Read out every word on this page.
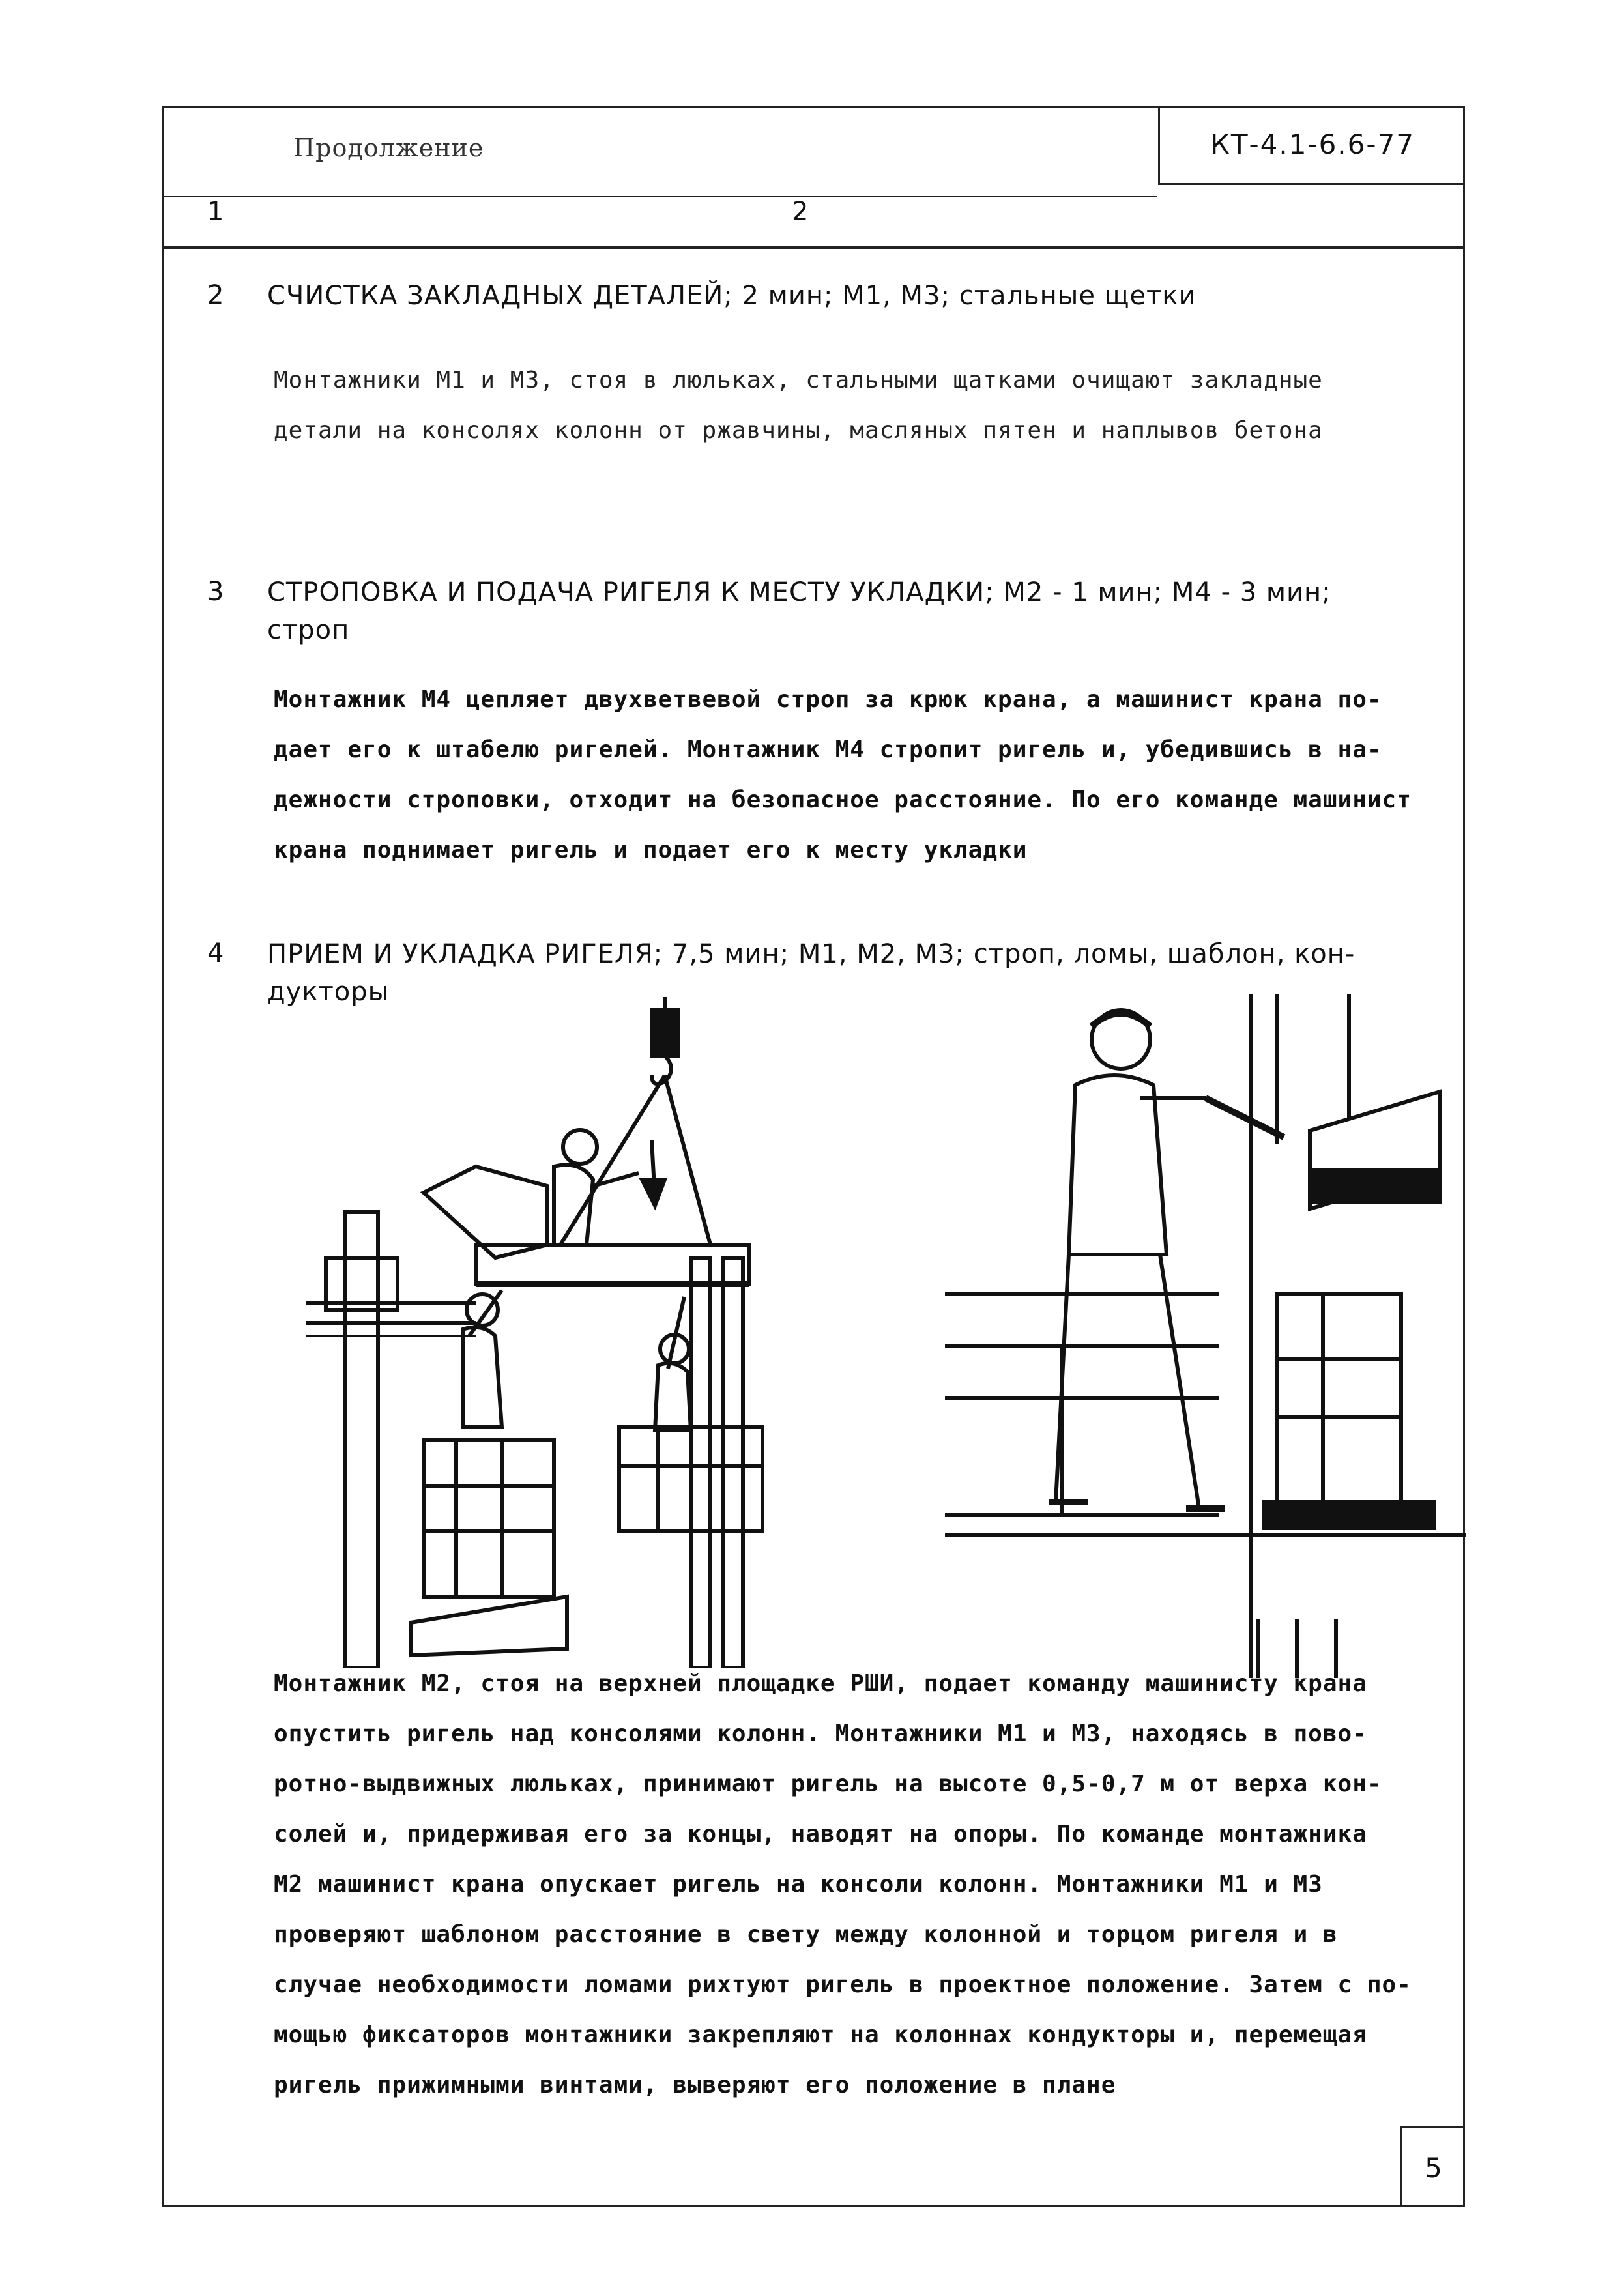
Продолжение	КТ-4.1-6.6-77
1	2
2 СЧИСТКА ЗАКЛАДНЫХ ДЕТАЛЕЙ; 2 мин; М1, М3; стальные щетки
Монтажники М1 и М3, стоя в люльках, стальными щатками очищают закладные
детали на консолях колонн от ржавчины, масляных пятен и наплывов бетона
3 СТРОПОВКА И ПОДАЧА РИГЕЛЯ К МЕСТУ УКЛАДКИ; М2 - 1 мин; М4 - 3 мин;
строп
Монтажник М4 цепляет двухветвевой строп за крюк крана, а машинист крана по-
дает его к штабелю ригелей. Монтажник М4 стропит ригель и, убедившись в на-
дежности строповки, отходит на безопасное расстояние. По его команде машинист
крана поднимает ригель и подает его к месту укладки
4 ПРИЕМ И УКЛАДКА РИГЕЛЯ; 7,5 мин; М1, М2, М3; строп, ломы, шаблон, кон-
дукторы
Монтажник М2, стоя на верхней площадке РШИ, подает команду машинисту крана
опустить ригель над консолями колонн. Монтажники М1 и М3, находясь в пово-
ротно-выдвижных люльках, принимают ригель на высоте 0,5-0,7 м от верха кон-
солей и, придерживая его за концы, наводят на опоры. По команде монтажника
М2 машинист крана опускает ригель на консоли колонн. Монтажники М1 и М3
проверяют шаблоном расстояние в свету между колонной и торцом ригеля и в
случае необходимости ломами рихтуют ригель в проектное положение. Затем с по-
мощью фиксаторов монтажники закрепляют на колоннах кондукторы и, перемещая
ригель прижимными винтами, выверяют его положение в плане
5
